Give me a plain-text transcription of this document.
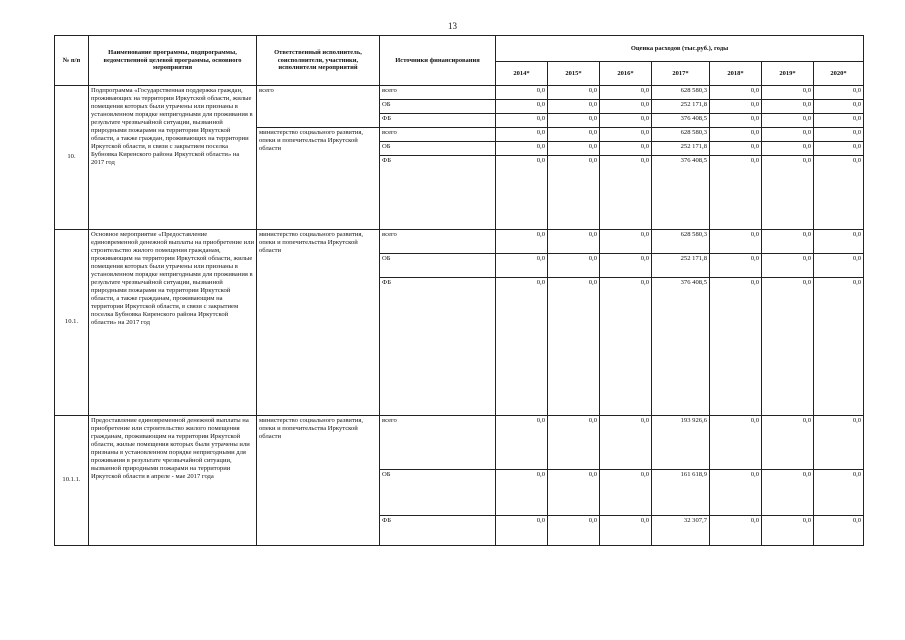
13
№ п/п	Наименование программы, подпрограммы, ведомственной целевой программы, основного мероприятия	Ответственный исполнитель, соисполнители, участники, исполнители мероприятий	Источники финансирования	Оценка расходов (тыс.руб.), годы						
				2014*	2015*	2016*	2017*	2018*	2019*	2020*
10.	Подпрограмма «Государственная поддержка граждан, проживающих на территории Иркутской области, жилые помещения которых были утрачены или признаны в установленном порядке непригодными для проживания в результате чрезвычайной ситуации, вызванной природными пожарами на территории Иркутской области, а также граждан, проживающих на территории Иркутской области, в связи с закрытием поселка Бубновка Киренского района Иркутской области» на 2017 год	всего	всего	0,0	0,0	0,0	628 580,3	0,0	0,0	0,0
			ОБ	0,0	0,0	0,0	252 171,8	0,0	0,0	0,0
			ФБ	0,0	0,0	0,0	376 408,5	0,0	0,0	0,0
		министерство социального развития, опеки и попечительства Иркутской области	всего	0,0	0,0	0,0	628 580,3	0,0	0,0	0,0
			ОБ	0,0	0,0	0,0	252 171,8	0,0	0,0	0,0
			ФБ	0,0	0,0	0,0	376 408,5	0,0	0,0	0,0
10.1.	Основное мероприятие «Предоставление единовременной денежной выплаты на приобретение или строительство жилого помещения гражданам, проживающим на территории Иркутской области, жилые помещения которых были утрачены или признаны в установленном порядке непригодными для проживания в результате чрезвычайной ситуации, вызванной природными пожарами на территории Иркутской области, а также гражданам, проживающим на территории Иркутской области, в связи с закрытием поселка Бубновка Киренского района Иркутской области» на 2017 год	министерство социального развития, опеки и попечительства Иркутской области	всего	0,0	0,0	0,0	628 580,3	0,0	0,0	0,0
			ОБ	0,0	0,0	0,0	252 171,8	0,0	0,0	0,0
			ФБ	0,0	0,0	0,0	376 408,5	0,0	0,0	0,0
10.1.1.	Предоставление единовременной денежной выплаты на приобретение или строительство жилого помещения гражданам, проживающим на территории Иркутской области, жилые помещения которых были утрачены или признаны в установленном порядке непригодными для проживания в результате чрезвычайной ситуации, вызванной природными пожарами на территории Иркутской области в апреле - мае 2017 года	министерство социального развития, опеки и попечительства Иркутской области	всего	0,0	0,0	0,0	193 926,6	0,0	0,0	0,0
			ОБ	0,0	0,0	0,0	161 618,9	0,0	0,0	0,0
			ФБ	0,0	0,0	0,0	32 307,7	0,0	0,0	0,0
